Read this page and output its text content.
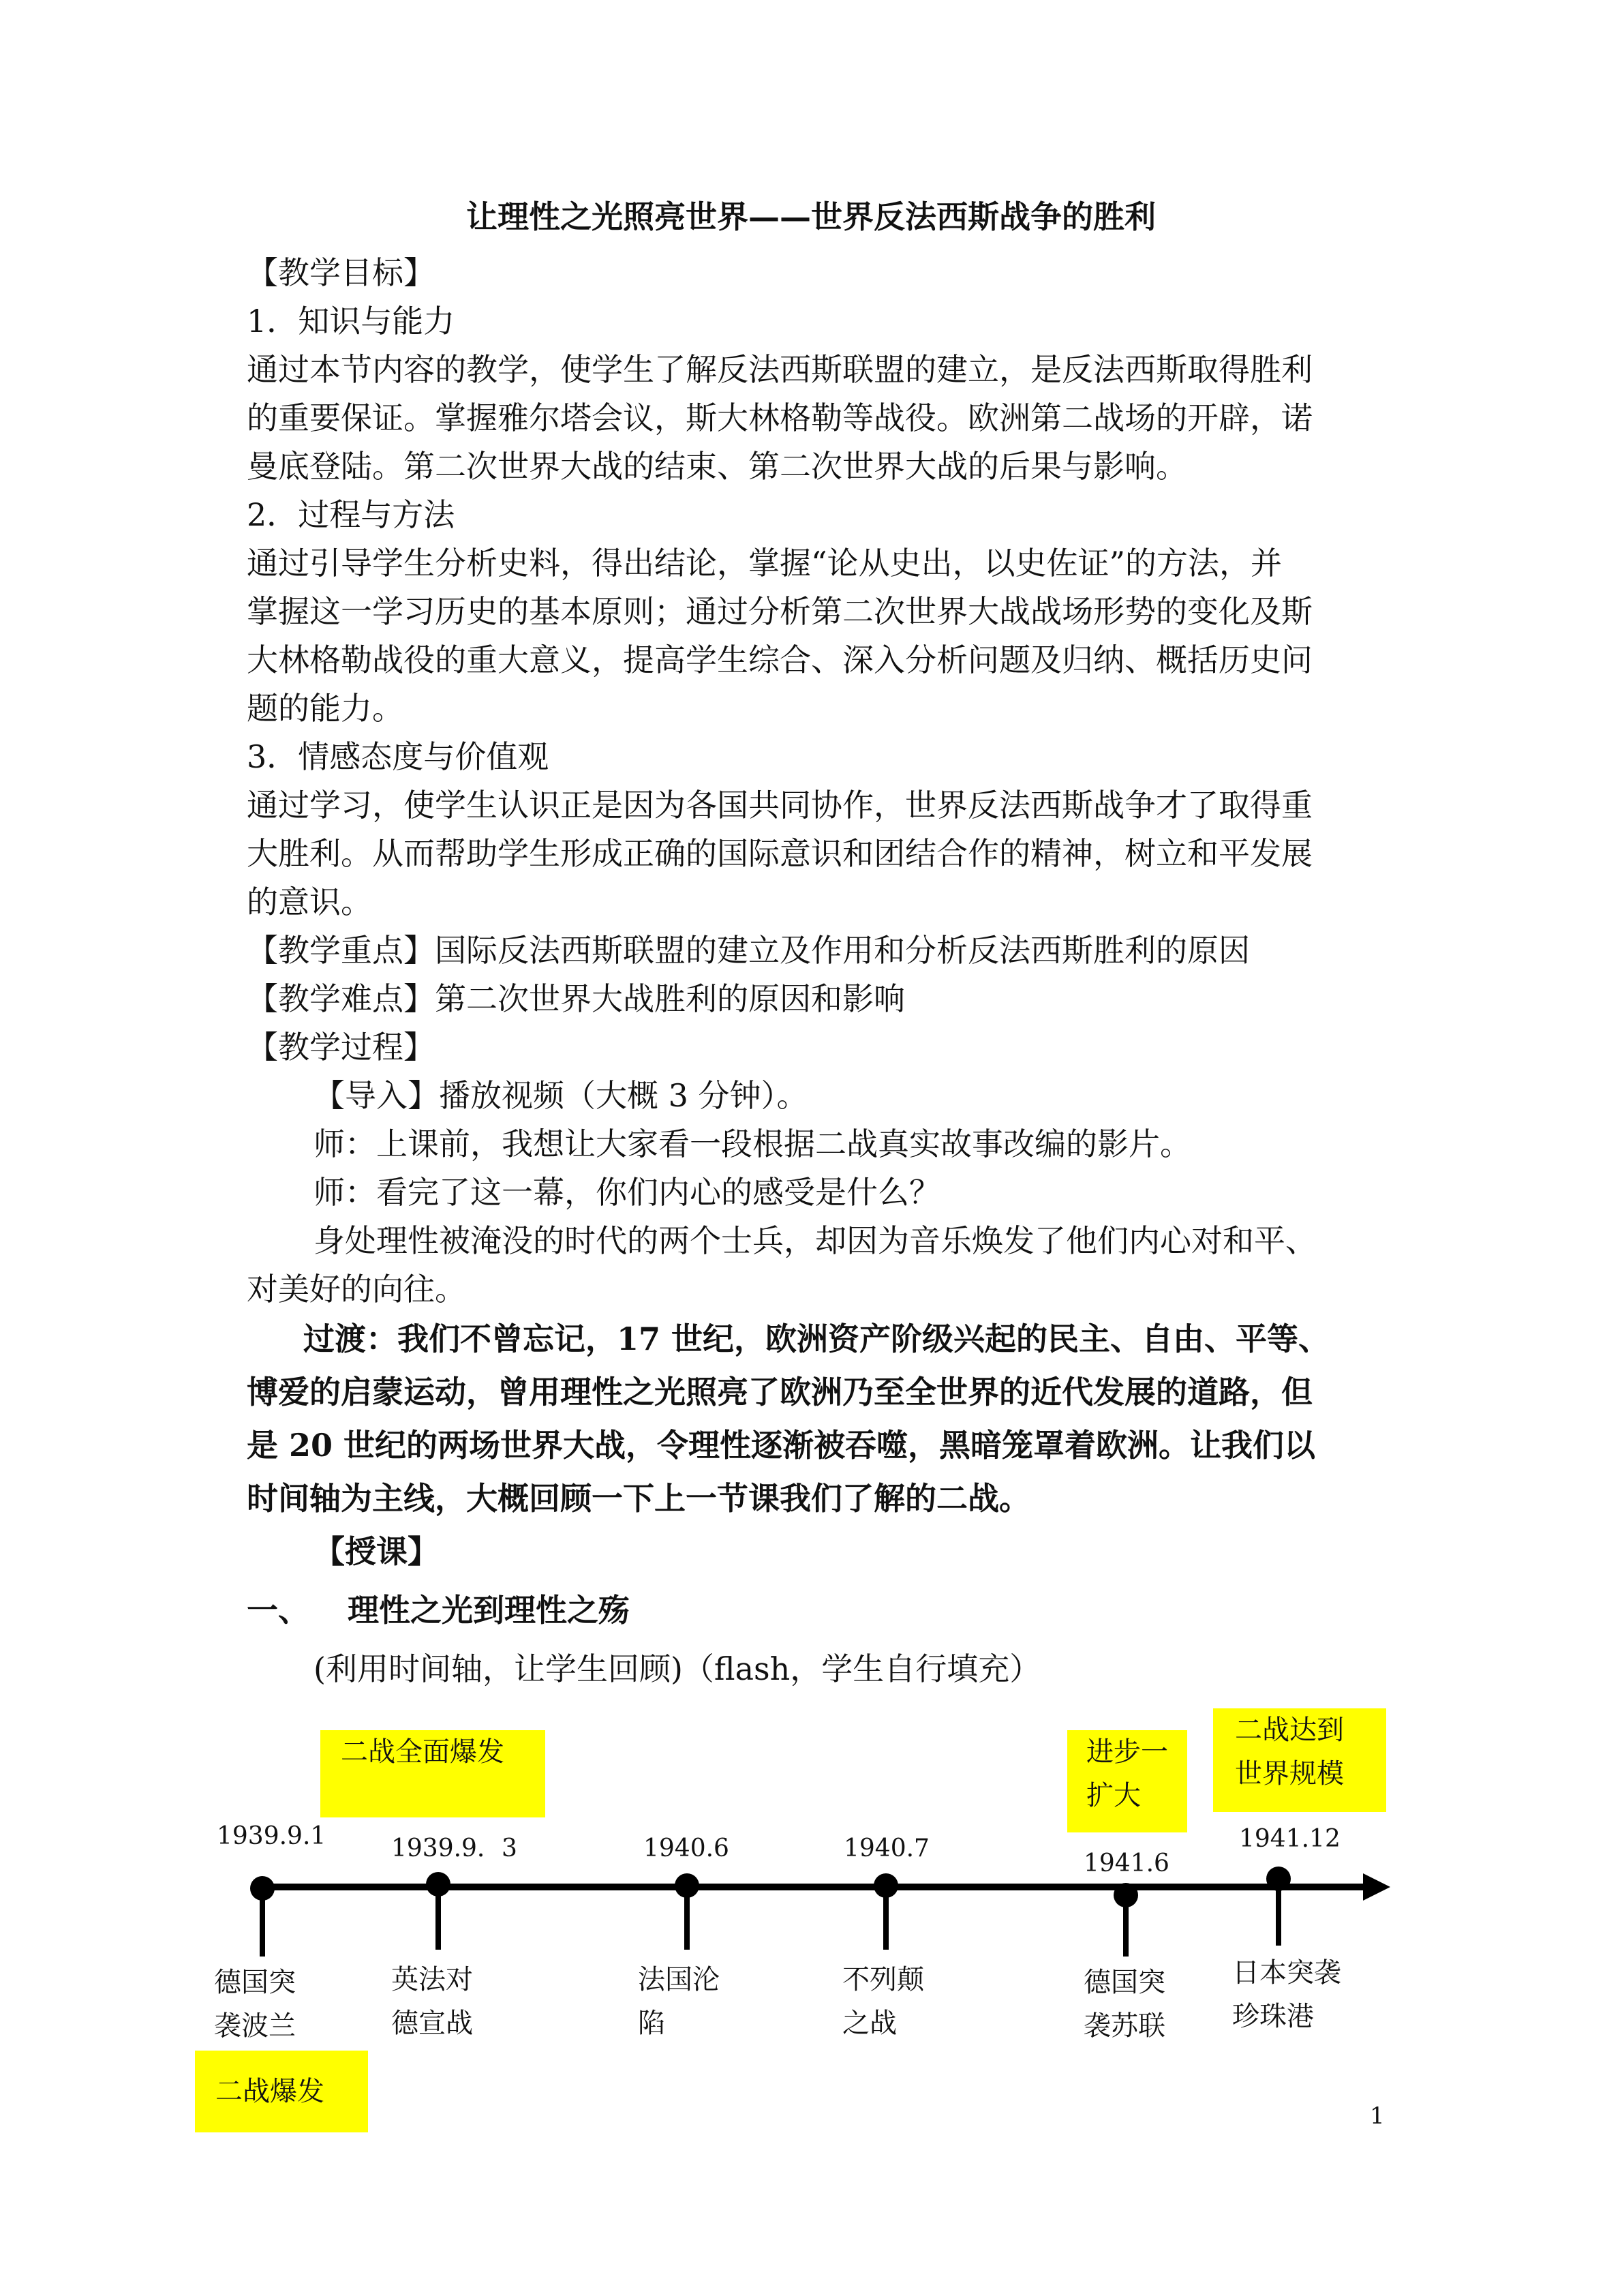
让理性之光照亮世界——世界反法西斯战争的胜利
【教学目标】
1．知识与能力
通过本节内容的教学，使学生了解反法西斯联盟的建立，是反法西斯取得胜利
的重要保证。掌握雅尔塔会议，斯大林格勒等战役。欧洲第二战场的开辟，诺
曼底登陆。第二次世界大战的结束、第二次世界大战的后果与影响。
2．过程与方法
通过引导学生分析史料，得出结论，掌握“论从史出，以史佐证”的方法，并
掌握这一学习历史的基本原则；通过分析第二次世界大战战场形势的变化及斯
大林格勒战役的重大意义，提高学生综合、深入分析问题及归纳、概括历史问
题的能力。
3．情感态度与价值观
通过学习，使学生认识正是因为各国共同协作，世界反法西斯战争才了取得重
大胜利。从而帮助学生形成正确的国际意识和团结合作的精神，树立和平发展
的意识。
【教学重点】国际反法西斯联盟的建立及作用和分析反法西斯胜利的原因
【教学难点】第二次世界大战胜利的原因和影响
【教学过程】
【导入】播放视频（大概 3 分钟）。
师：上课前，我想让大家看一段根据二战真实故事改编的影片。
师：看完了这一幕，你们内心的感受是什么？
身处理性被淹没的时代的两个士兵，却因为音乐焕发了他们内心对和平、
对美好的向往。
过渡：我们不曾忘记，17 世纪，欧洲资产阶级兴起的民主、自由、平等、
博爱的启蒙运动，曾用理性之光照亮了欧洲乃至全世界的近代发展的道路，但
是 20 世纪的两场世界大战，令理性逐渐被吞噬，黑暗笼罩着欧洲。让我们以
时间轴为主线，大概回顾一下上一节课我们了解的二战。
【授课】
一、 理性之光到理性之殇
(利用时间轴，让学生回顾)（flash，学生自行填充）
二战全面爆发	进步一
扩大
二战达到
世界规模
二战爆发
1939.9.1	1939.9．3	1940.6	1940.7
1941.6
1941.12
德国突
袭波兰
英法对
德宣战
法国沦
陷
不列颠
之战
德国突
袭苏联
日本突袭
珍珠港
1
